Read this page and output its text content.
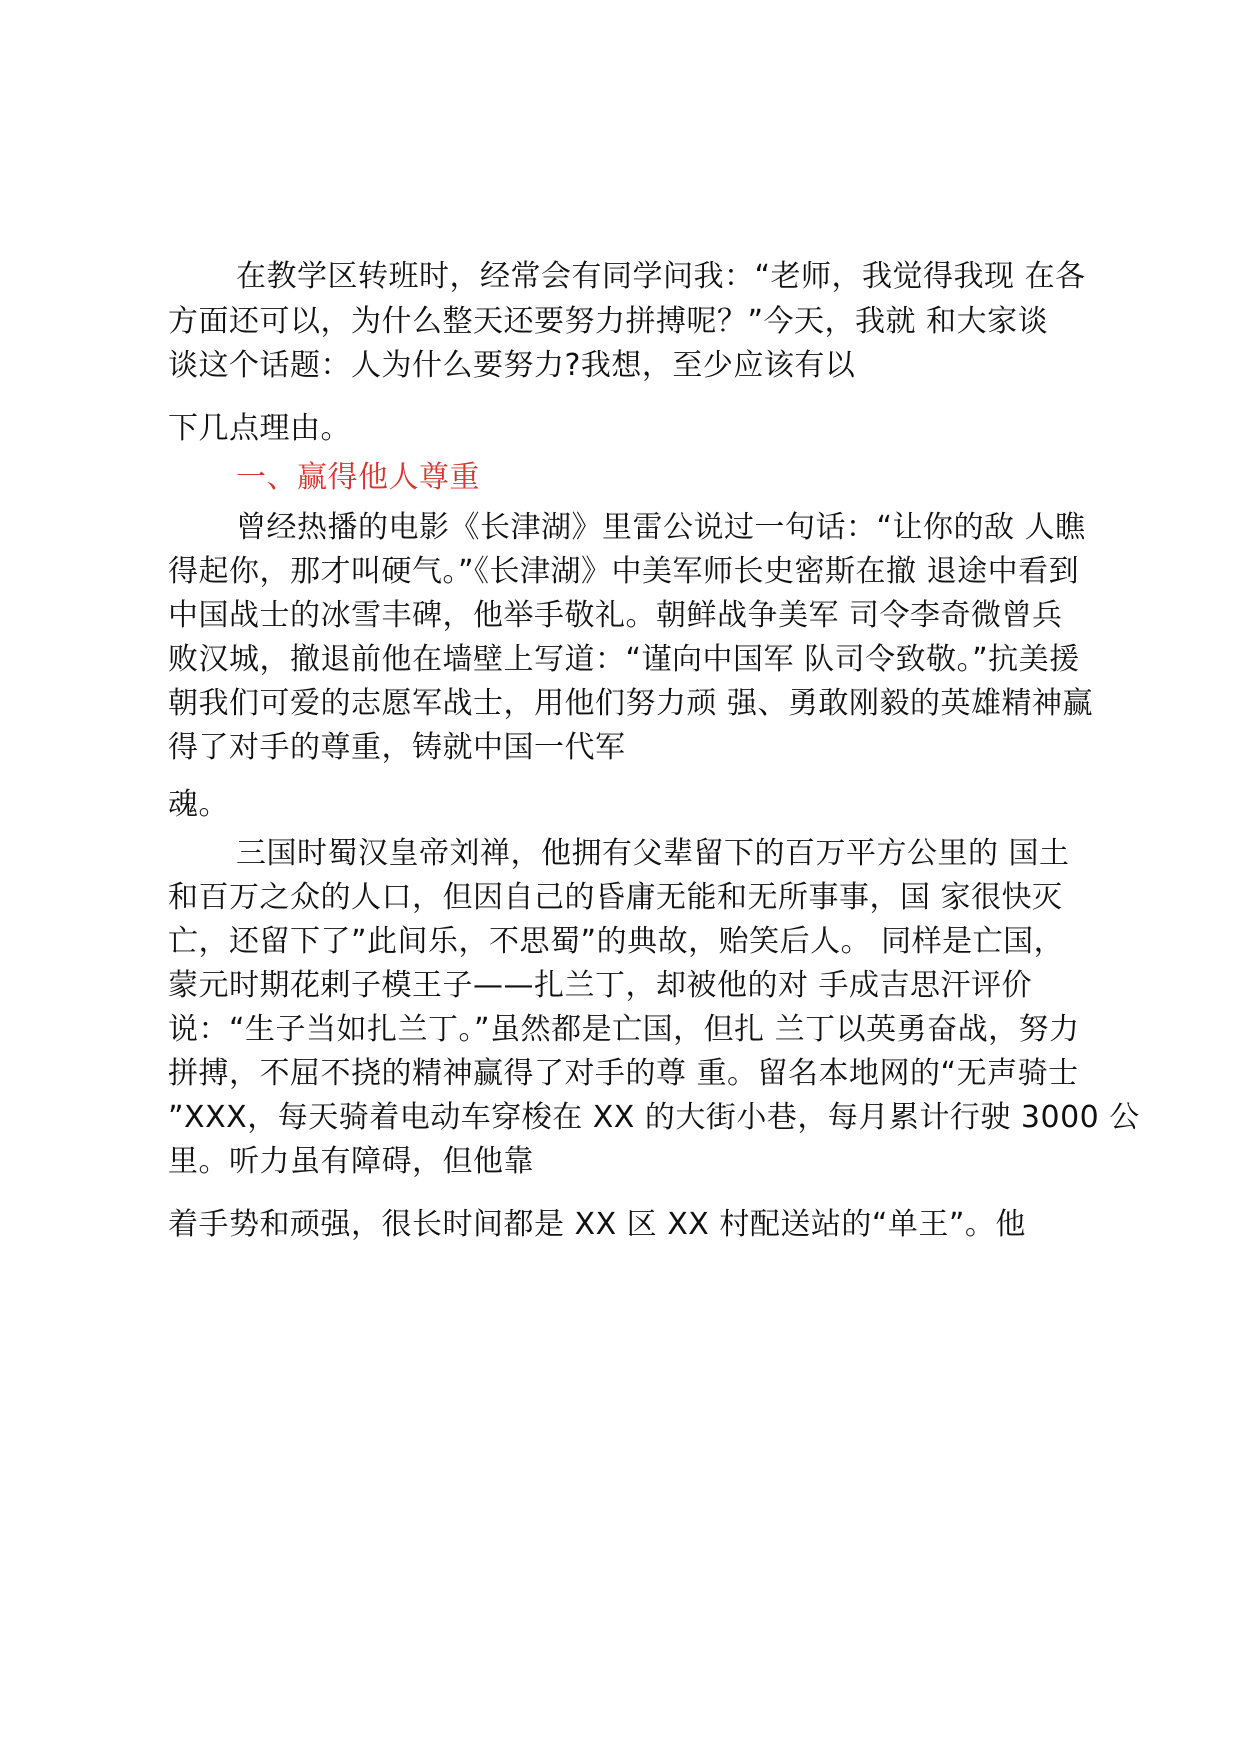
在教学区转班时，经常会有同学问我：“老师，我觉得我现 在各
方面还可以，为什么整天还要努力拼搏呢？”今天，我就 和大家谈
谈这个话题：人为什么要努力?我想，至少应该有以
下几点理由。
一、赢得他人尊重
曾经热播的电影《长津湖》里雷公说过一句话：“让你的敌 人瞧
得起你，那才叫硬气。”《长津湖》中美军师长史密斯在撤 退途中看到
中国战士的冰雪丰碑，他举手敬礼。朝鲜战争美军 司令李奇微曾兵
败汉城，撤退前他在墙壁上写道：“谨向中国军 队司令致敬。”抗美援
朝我们可爱的志愿军战士，用他们努力顽 强、勇敢刚毅的英雄精神赢
得了对手的尊重，铸就中国一代军
魂。
三国时蜀汉皇帝刘禅，他拥有父辈留下的百万平方公里的 国土
和百万之众的人口，但因自己的昏庸无能和无所事事，国 家很快灭
亡，还留下了”此间乐，不思蜀”的典故，贻笑后人。 同样是亡国，
蒙元时期花剌子模王子——扎兰丁，却被他的对 手成吉思汗评价
说：“生子当如扎兰丁。”虽然都是亡国，但扎 兰丁以英勇奋战，努力
拼搏，不屈不挠的精神赢得了对手的尊 重。留名本地网的“无声骑士
”XXX，每天骑着电动车穿梭在 XX 的大街小巷，每月累计行驶 3000 公
里。听力虽有障碍，但他靠
着手势和顽强，很长时间都是 XX 区 XX 村配送站的“单王”。他
